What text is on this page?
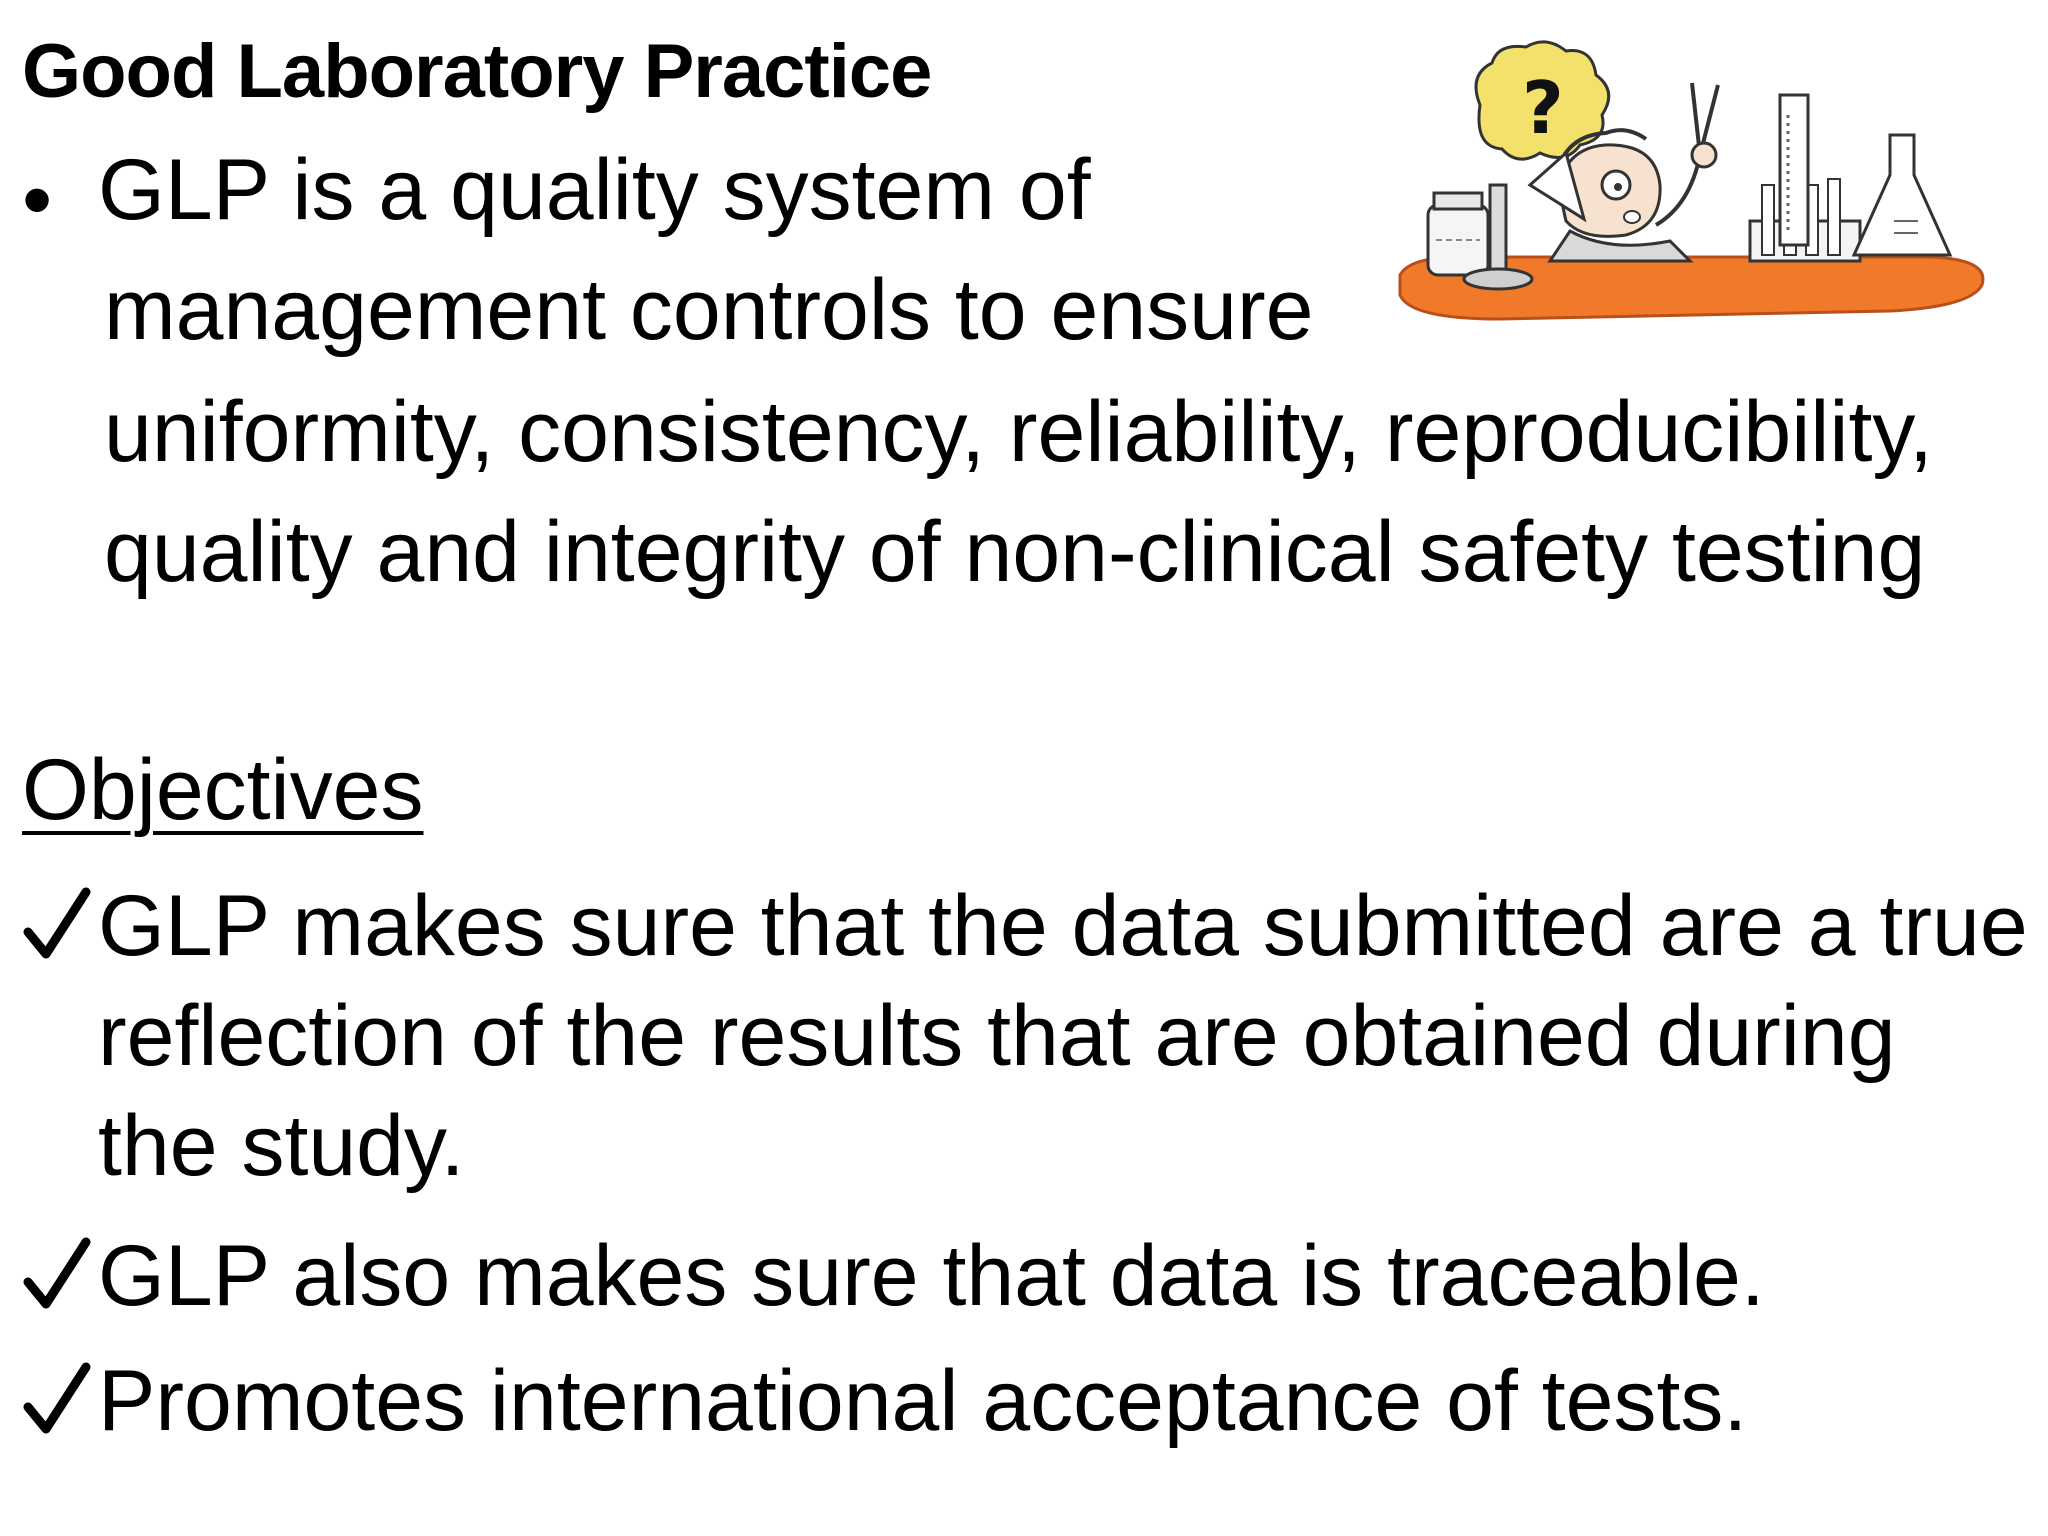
Good Laboratory Practice
• GLP is a quality system of
management controls to ensure
uniformity, consistency, reliability, reproducibility,
quality and integrity of non-clinical safety testing
Objectives
GLP makes sure that the data submitted are a true
reflection of the results that are obtained during
the study.
GLP also makes sure that data is traceable.
Promotes international acceptance of tests.
?
